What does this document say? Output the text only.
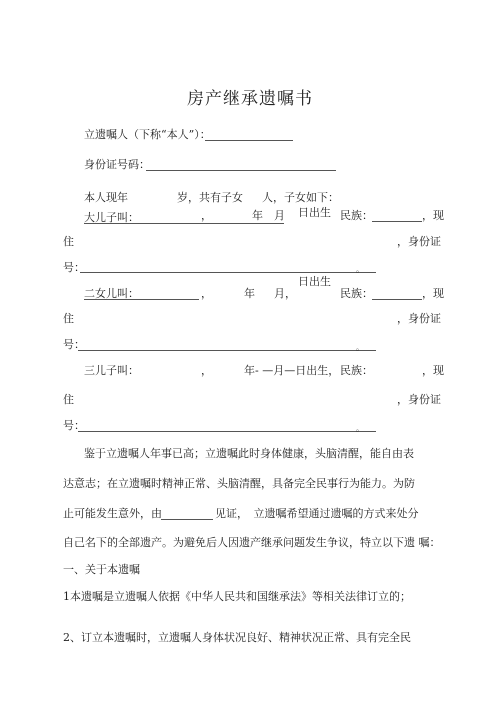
房产继承遗嘱书
立遗嘱人（下称“本人”）：
身份证号码：
本人现年	岁，共有子女 人，子女如下：
日出生
大儿子叫：	，	年 月	民族：	，现
住	，身份证
号：	。
日出生
二女儿叫：	，	年 月，	民族：	，现
住	，身份证
号：	。
三儿子叫：	，	年- —月—日出生， 民族：	，现
住	，身份证
号：	。
鉴于立遗嘱人年事已高；立遗嘱此时身体健康，头脑清醒，能自由表
达意志；在立遗嘱时精神正常、头脑清醒，具备完全民事行为能力。为防
止可能发生意外，由	见证，　立遗嘱希望通过遗嘱的方式来处分
自己名下的全部遗产。为避免后人因遗产继承问题发生争议，特立以下遗 嘱：
一、关于本遗嘱
1本遗嘱是立遗嘱人依据《中华人民共和国继承法》等相关法律订立的；
2、订立本遗嘱时，立遗嘱人身体状况良好、精神状况正常、具有完全民
